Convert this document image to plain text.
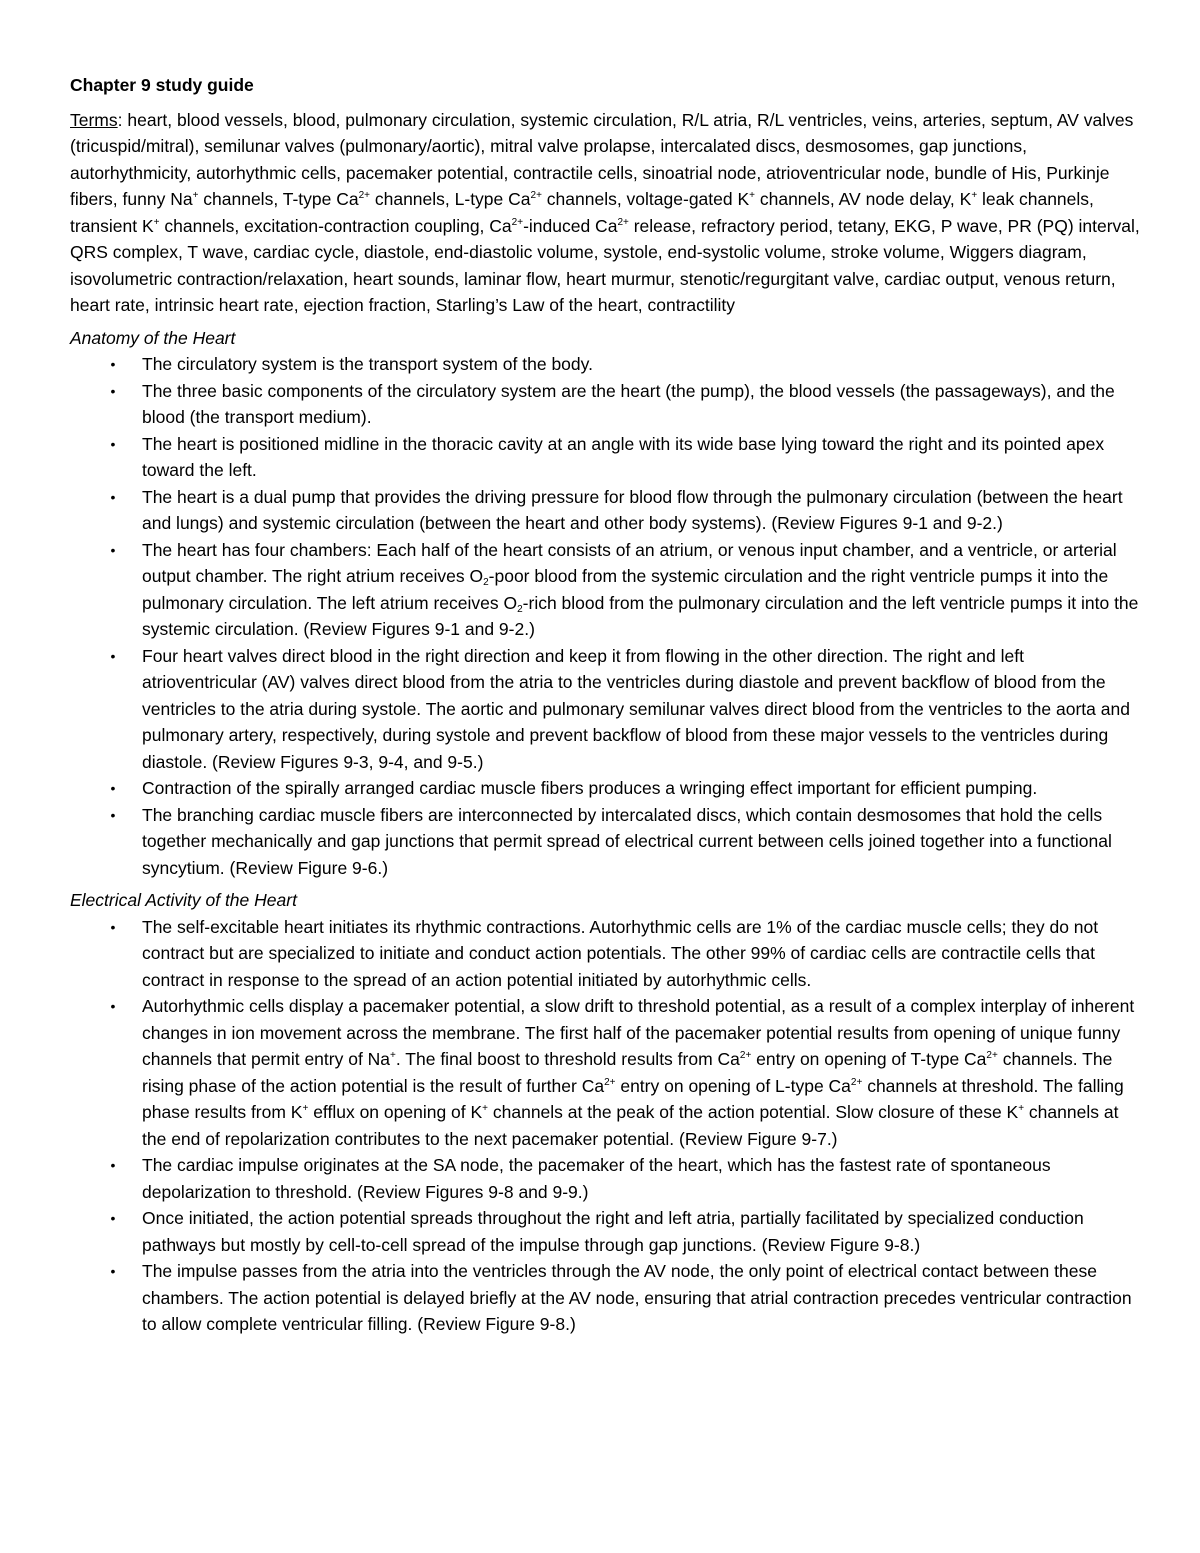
Chapter 9 study guide

Terms: heart, blood vessels, blood, pulmonary circulation, systemic circulation, R/L atria, R/L ventricles, veins, arteries, septum, AV valves (tricuspid/mitral), semilunar valves (pulmonary/aortic), mitral valve prolapse, intercalated discs, desmosomes, gap junctions, autorhythmicity, autorhythmic cells, pacemaker potential, contractile cells, sinoatrial node, atrioventricular node, bundle of His, Purkinje fibers, funny Na+ channels, T-type $Ca^{2+}$ channels, L-type $Ca^{2+}$ channels, voltage-gated K+ channels, AV node delay, K+ leak channels, transient K+ channels, excitation-contraction coupling, $Ca^{2+}$-induced $Ca^{2+}$ release, refractory period, tetany, EKG, P wave, PR (PQ) interval, QRS complex, T wave, cardiac cycle, diastole, end-diastolic volume, systole, end-systolic volume, stroke volume, Wiggers diagram, isovolumetric contraction/relaxation, heart sounds, laminar flow, heart murmur, stenotic/regurgitant valve, cardiac output, venous return, heart rate, intrinsic heart rate, ejection fraction, Starling’s Law of the heart, contractility

Anatomy of the Heart

• The circulatory system is the transport system of the body.
• The three basic components of the circulatory system are the heart (the pump), the blood vessels (the passageways), and the blood (the transport medium).
• The heart is positioned midline in the thoracic cavity at an angle with its wide base lying toward the right and its pointed apex toward the left.
• The heart is a dual pump that provides the driving pressure for blood flow through the pulmonary circulation (between the heart and lungs) and systemic circulation (between the heart and other body systems). (Review Figures 9-1 and 9-2.)
• The heart has four chambers: Each half of the heart consists of an atrium, or venous input chamber, and a ventricle, or arterial output chamber. The right atrium receives $O_2$-poor blood from the systemic circulation and the right ventricle pumps it into the pulmonary circulation. The left atrium receives $O_2$-rich blood from the pulmonary circulation and the left ventricle pumps it into the systemic circulation. (Review Figures 9-1 and 9-2.)
• Four heart valves direct blood in the right direction and keep it from flowing in the other direction. The right and left atrioventricular (AV) valves direct blood from the atria to the ventricles during diastole and prevent backflow of blood from the ventricles to the atria during systole. The aortic and pulmonary semilunar valves direct blood from the ventricles to the aorta and pulmonary artery, respectively, during systole and prevent backflow of blood from these major vessels to the ventricles during diastole. (Review Figures 9-3, 9-4, and 9-5.)
• Contraction of the spirally arranged cardiac muscle fibers produces a wringing effect important for efficient pumping.
• The branching cardiac muscle fibers are interconnected by intercalated discs, which contain desmosomes that hold the cells together mechanically and gap junctions that permit spread of electrical current between cells joined together into a functional syncytium. (Review Figure 9-6.)

Electrical Activity of the Heart

• The self-excitable heart initiates its rhythmic contractions. Autorhythmic cells are 1% of the cardiac muscle cells; they do not contract but are specialized to initiate and conduct action potentials. The other 99% of cardiac cells are contractile cells that contract in response to the spread of an action potential initiated by autorhythmic cells.
• Autorhythmic cells display a pacemaker potential, a slow drift to threshold potential, as a result of a complex interplay of inherent changes in ion movement across the membrane. The first half of the pacemaker potential results from opening of unique funny channels that permit entry of Na+. The final boost to threshold results from $Ca^{2+}$ entry on opening of T-type $Ca^{2+}$ channels. The rising phase of the action potential is the result of further $Ca^{2+}$ entry on opening of L-type $Ca^{2+}$ channels at threshold. The falling phase results from K+ efflux on opening of K+ channels at the peak of the action potential. Slow closure of these K+ channels at the end of repolarization contributes to the next pacemaker potential. (Review Figure 9-7.)
• The cardiac impulse originates at the SA node, the pacemaker of the heart, which has the fastest rate of spontaneous depolarization to threshold. (Review Figures 9-8 and 9-9.)
• Once initiated, the action potential spreads throughout the right and left atria, partially facilitated by specialized conduction pathways but mostly by cell-to-cell spread of the impulse through gap junctions. (Review Figure 9-8.)
• The impulse passes from the atria into the ventricles through the AV node, the only point of electrical contact between these chambers. The action potential is delayed briefly at the AV node, ensuring that atrial contraction precedes ventricular contraction to allow complete ventricular filling. (Review Figure 9-8.)
